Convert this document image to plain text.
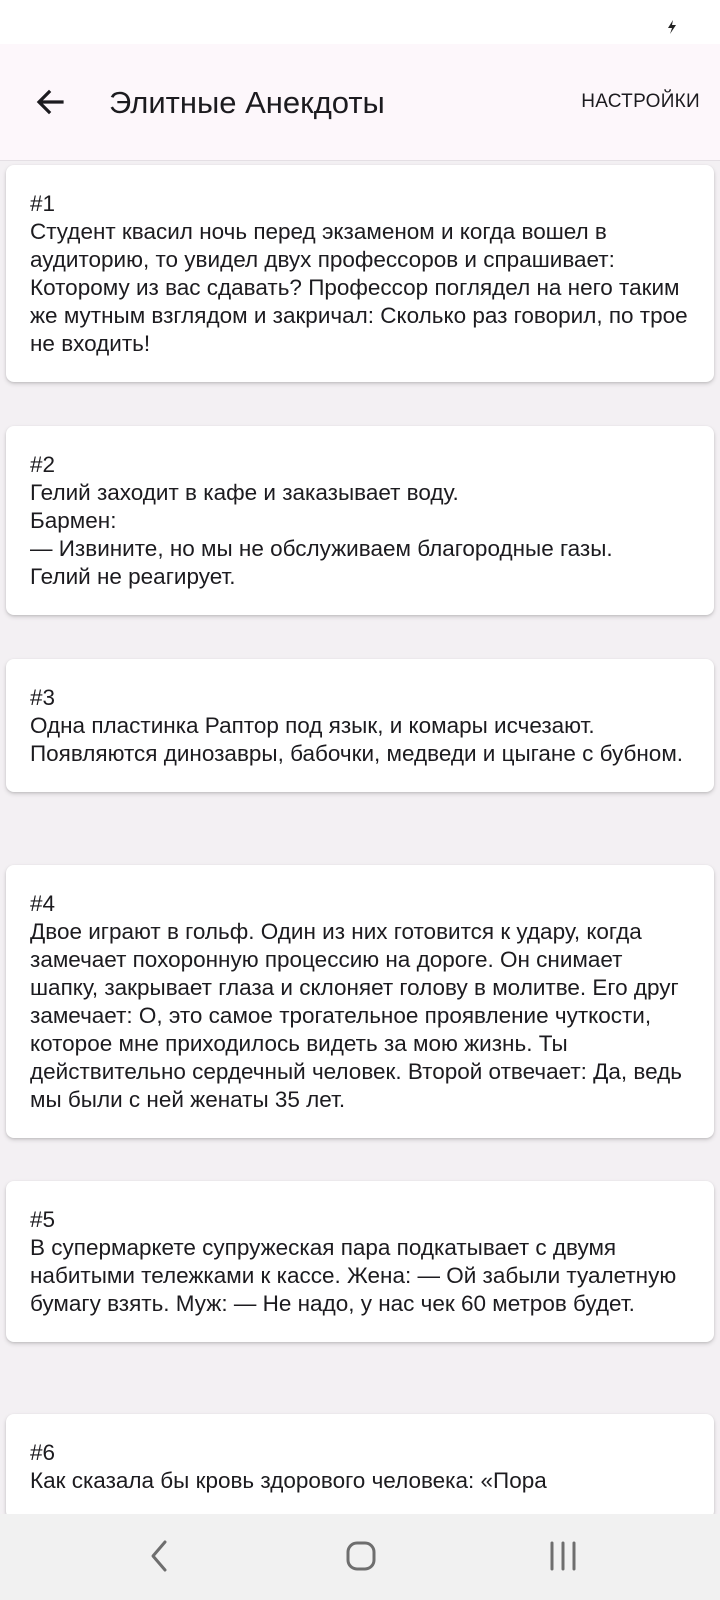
Элитные Анекдоты	НАСТРОЙКИ
#1
Студент квасил ночь перед экзаменом и когда вошел в аудиторию, то увидел двух профессоров и спрашивает: Которому из вас сдавать? Профессор поглядел на него таким же мутным взглядом и закричал: Сколько раз говорил, по трое не входить!
#2
Гелий заходит в кафе и заказывает воду.
Бармен:
— Извините, но мы не обслуживаем благородные газы.
Гелий не реагирует.
#3
Одна пластинка Раптор под язык, и комары исчезают. Появляются динозавры, бабочки, медведи и цыгане с бубном.
#4
Двое играют в гольф. Один из них готовится к удару, когда замечает похоронную процессию на дороге. Он снимает шапку, закрывает глаза и склоняет голову в молитве. Его друг замечает: О, это самое трогательное проявление чуткости, которое мне приходилось видеть за мою жизнь. Ты действительно сердечный человек. Второй отвечает: Да, ведь мы были с ней женаты 35 лет.
#5
В супермаркете супружеская пара подкатывает с двумя набитыми тележками к кассе. Жена: — Ой забыли туалетную бумагу взять. Муж: — Не надо, у нас чек 60 метров будет.
#6
Как сказала бы кровь здорового человека: «Пора
